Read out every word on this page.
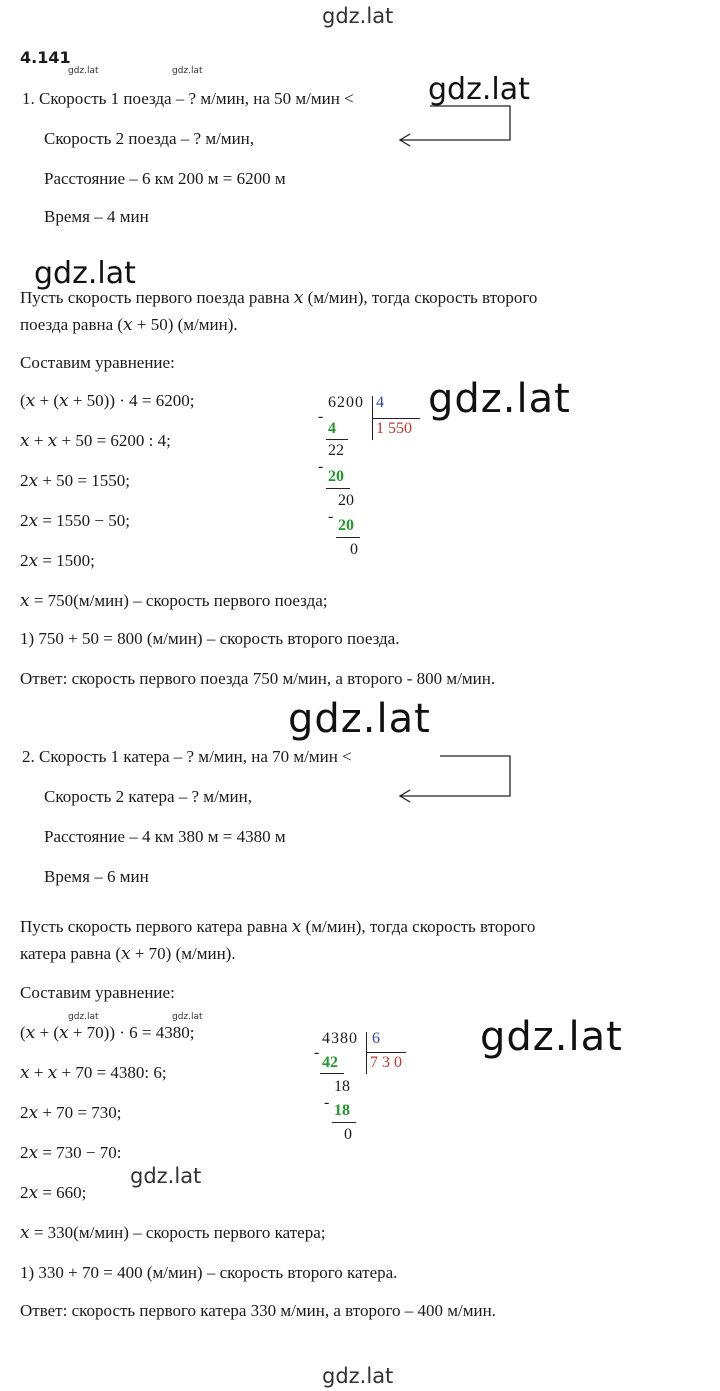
gdz.lat
gdz.lat	gdz.lat
gdz.lat
gdz.lat
gdz.lat
gdz.lat
gdz.lat	gdz.lat	gdz.lat
gdz.lat
gdz.lat
4.141
1. Скорость 1 поезда – ? м/мин, на 50 м/мин <
Скорость 2 поезда – ? м/мин,
Расстояние – 6 км 200 м = 6200 м
Время – 4 мин
Пусть скорость первого поезда равна 𝑥 (м/мин), тогда скорость второго
поезда равна (𝑥 + 50) (м/мин).
Составим уравнение:
(𝑥 + (𝑥 + 50)) · 4 = 6200;
𝑥 + 𝑥 + 50 = 6200 : 4;
2𝑥 + 50 = 1550;
2𝑥 = 1550 − 50;
2𝑥 = 1500;
𝑥 = 750(м/мин) – скорость первого поезда;
1) 750 + 50 = 800 (м/мин) – скорость второго поезда.
Ответ: скорость первого поезда 750 м/мин, а второго - 800 м/мин.
6200 4
1 550
-
4
22
-
20
20
-
20
0
2. Скорость 1 катера – ? м/мин, на 70 м/мин <
Скорость 2 катера – ? м/мин,
Расстояние – 4 км 380 м = 4380 м
Время – 6 мин
Пусть скорость первого катера равна 𝑥 (м/мин), тогда скорость второго
катера равна (𝑥 + 70) (м/мин).
Составим уравнение:
(𝑥 + (𝑥 + 70)) · 6 = 4380;
𝑥 + 𝑥 + 70 = 4380: 6;
2𝑥 + 70 = 730;
2𝑥 = 730 − 70:
2𝑥 = 660;
𝑥 = 330(м/мин) – скорость первого катера;
1) 330 + 70 = 400 (м/мин) – скорость второго катера.
Ответ: скорость первого катера 330 м/мин, а второго – 400 м/мин.
4380 6
7 3 0
-
42
18
- 18
0
